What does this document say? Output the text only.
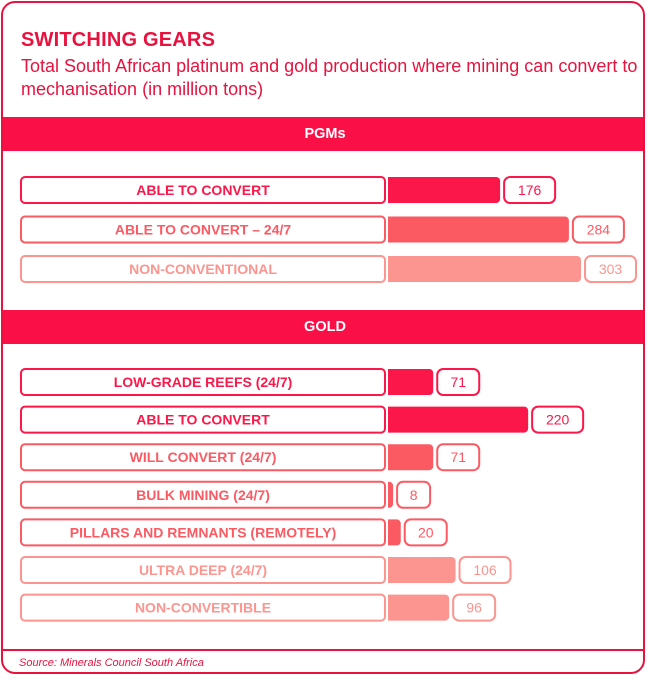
SWITCHING GEARS

Total South African platinum and gold production where mining can convert to mechanisation (in million tons)

PGMs
GOLD
ABLE TO CONVERT	176
ABLE TO CONVERT – 24/7	284
NON-CONVENTIONAL	303
LOW-GRADE REEFS (24/7)	71
ABLE TO CONVERT	220
WILL CONVERT (24/7)	71
BULK MINING (24/7)	8
PILLARS AND REMNANTS (REMOTELY)	20
ULTRA DEEP (24/7)	106
NON-CONVERTIBLE	96
Source: Minerals Council South Africa
